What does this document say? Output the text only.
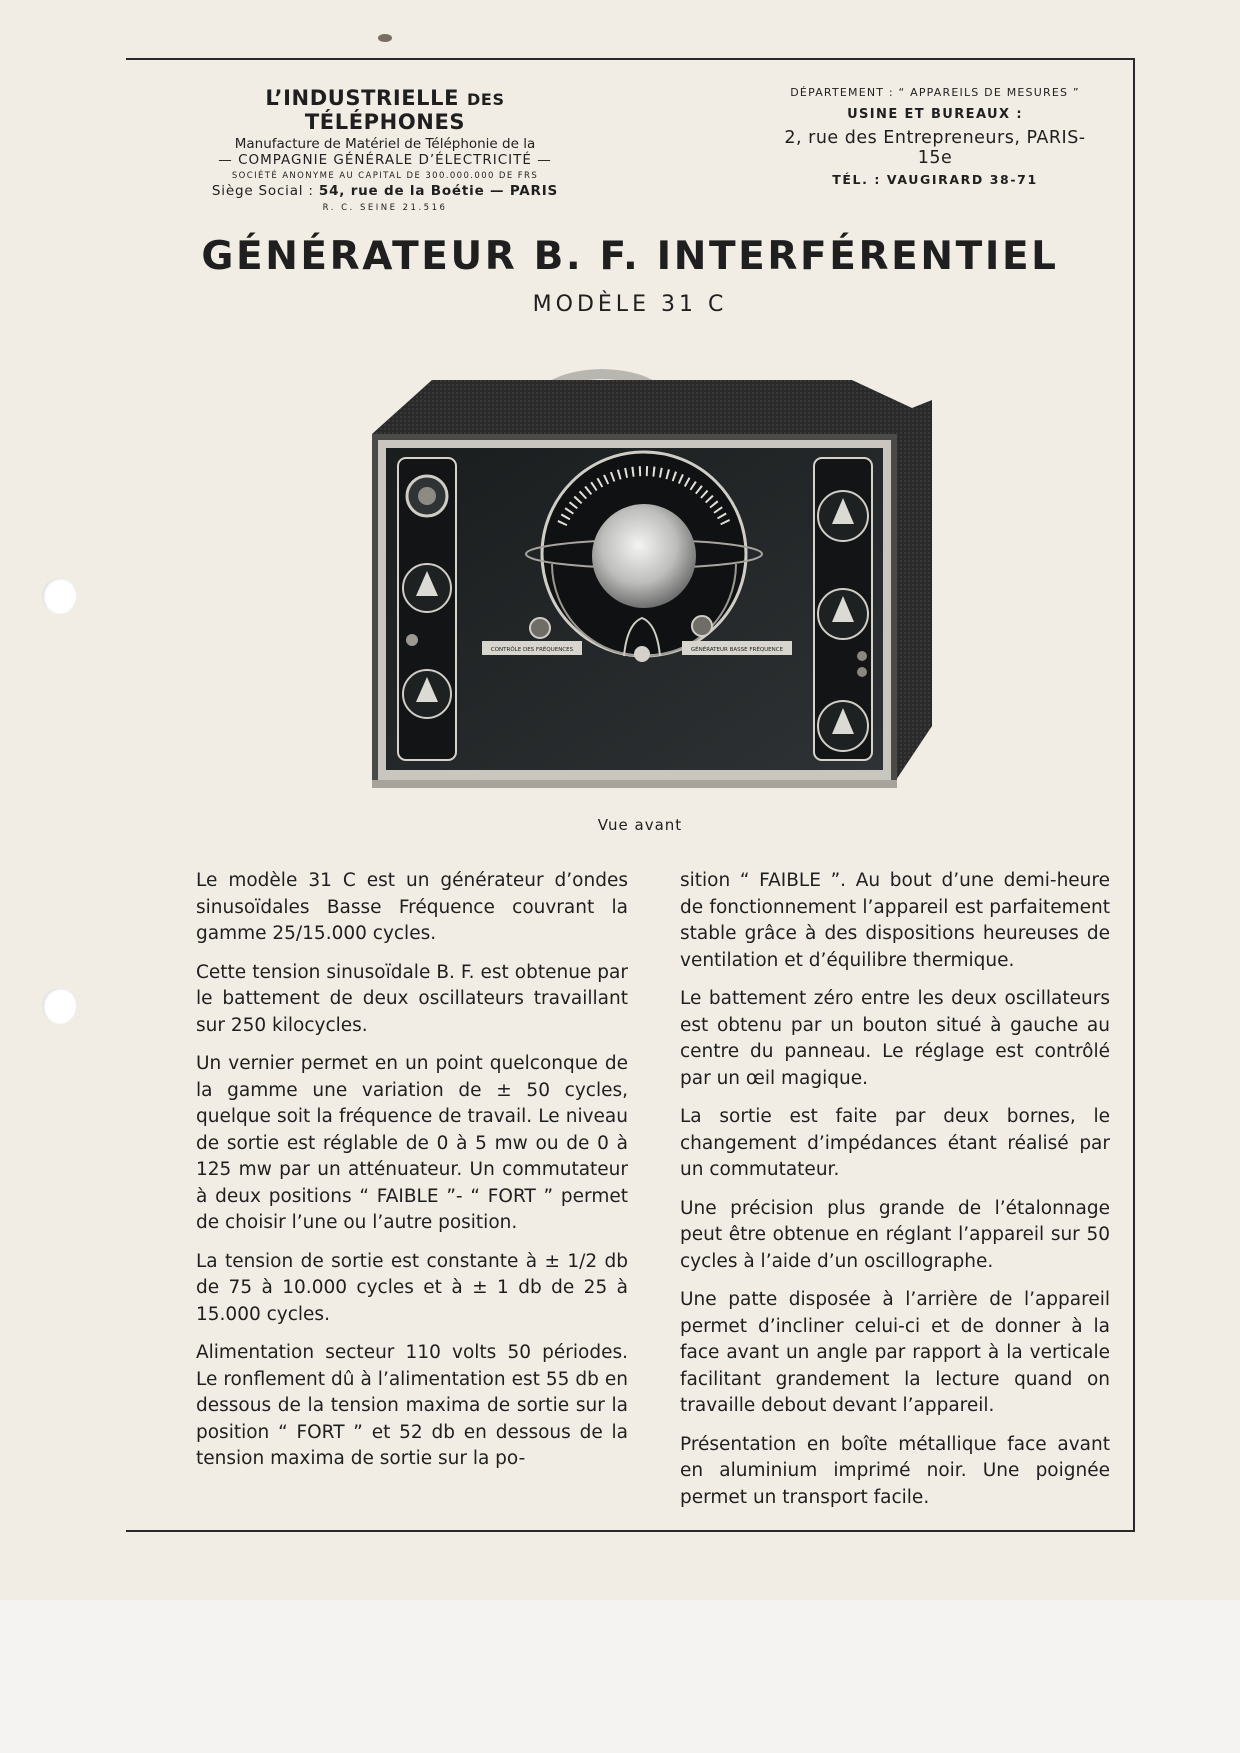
L’INDUSTRIELLE DES TÉLÉPHONES
Manufacture de Matériel de Téléphonie de la
— COMPAGNIE GÉNÉRALE D’ÉLECTRICITÉ —
SOCIÉTÉ ANONYME AU CAPITAL DE 300.000.000 DE FRS
Siège Social : 54, rue de la Boétie — PARIS
R. C. SEINE 21.516
DÉPARTEMENT : “ APPAREILS DE MESURES ”
USINE ET BUREAUX :
2, rue des Entrepreneurs, PARIS-15e
TÉL. : VAUGIRARD 38-71
GÉNÉRATEUR B. F. INTERFÉRENTIEL
MODÈLE 31 C
CONTRÔLE DES FRÉQUENCES	GÉNÉRATEUR BASSE FRÉQUENCE
Vue avant

Le modèle 31 C est un générateur d’ondes sinusoïdales Basse Fréquence couvrant la gamme 25/15.000 cycles.

Cette tension sinusoïdale B. F. est obtenue par le battement de deux oscillateurs travaillant sur 250 kilocycles.

Un vernier permet en un point quelconque de la gamme une variation de ± 50 cycles, quelque soit la fréquence de travail. Le niveau de sortie est réglable de 0 à 5 mw ou de 0 à 125 mw par un atténuateur. Un commutateur à deux positions “ FAIBLE ”- “ FORT ” permet de choisir l’une ou l’autre position.

La tension de sortie est constante à ± 1/2 db de 75 à 10.000 cycles et à ± 1 db de 25 à 15.000 cycles.

Alimentation secteur 110 volts 50 périodes. Le ronflement dû à l’alimentation est 55 db en dessous de la tension maxima de sortie sur la position “ FORT ” et 52 db en dessous de la tension maxima de sortie sur la po-

sition “ FAIBLE ”. Au bout d’une demi-heure de fonctionnement l’appareil est parfaitement stable grâce à des dispositions heureuses de ventilation et d’équilibre thermique.

Le battement zéro entre les deux oscillateurs est obtenu par un bouton situé à gauche au centre du panneau. Le réglage est contrôlé par un œil magique.

La sortie est faite par deux bornes, le changement d’impédances étant réalisé par un commutateur.

Une précision plus grande de l’étalonnage peut être obtenue en réglant l’appareil sur 50 cycles à l’aide d’un oscillographe.

Une patte disposée à l’arrière de l’appareil permet d’incliner celui-ci et de donner à la face avant un angle par rapport à la verticale facilitant grandement la lecture quand on travaille debout devant l’appareil.

Présentation en boîte métallique face avant en aluminium imprimé noir. Une poignée permet un transport facile.
